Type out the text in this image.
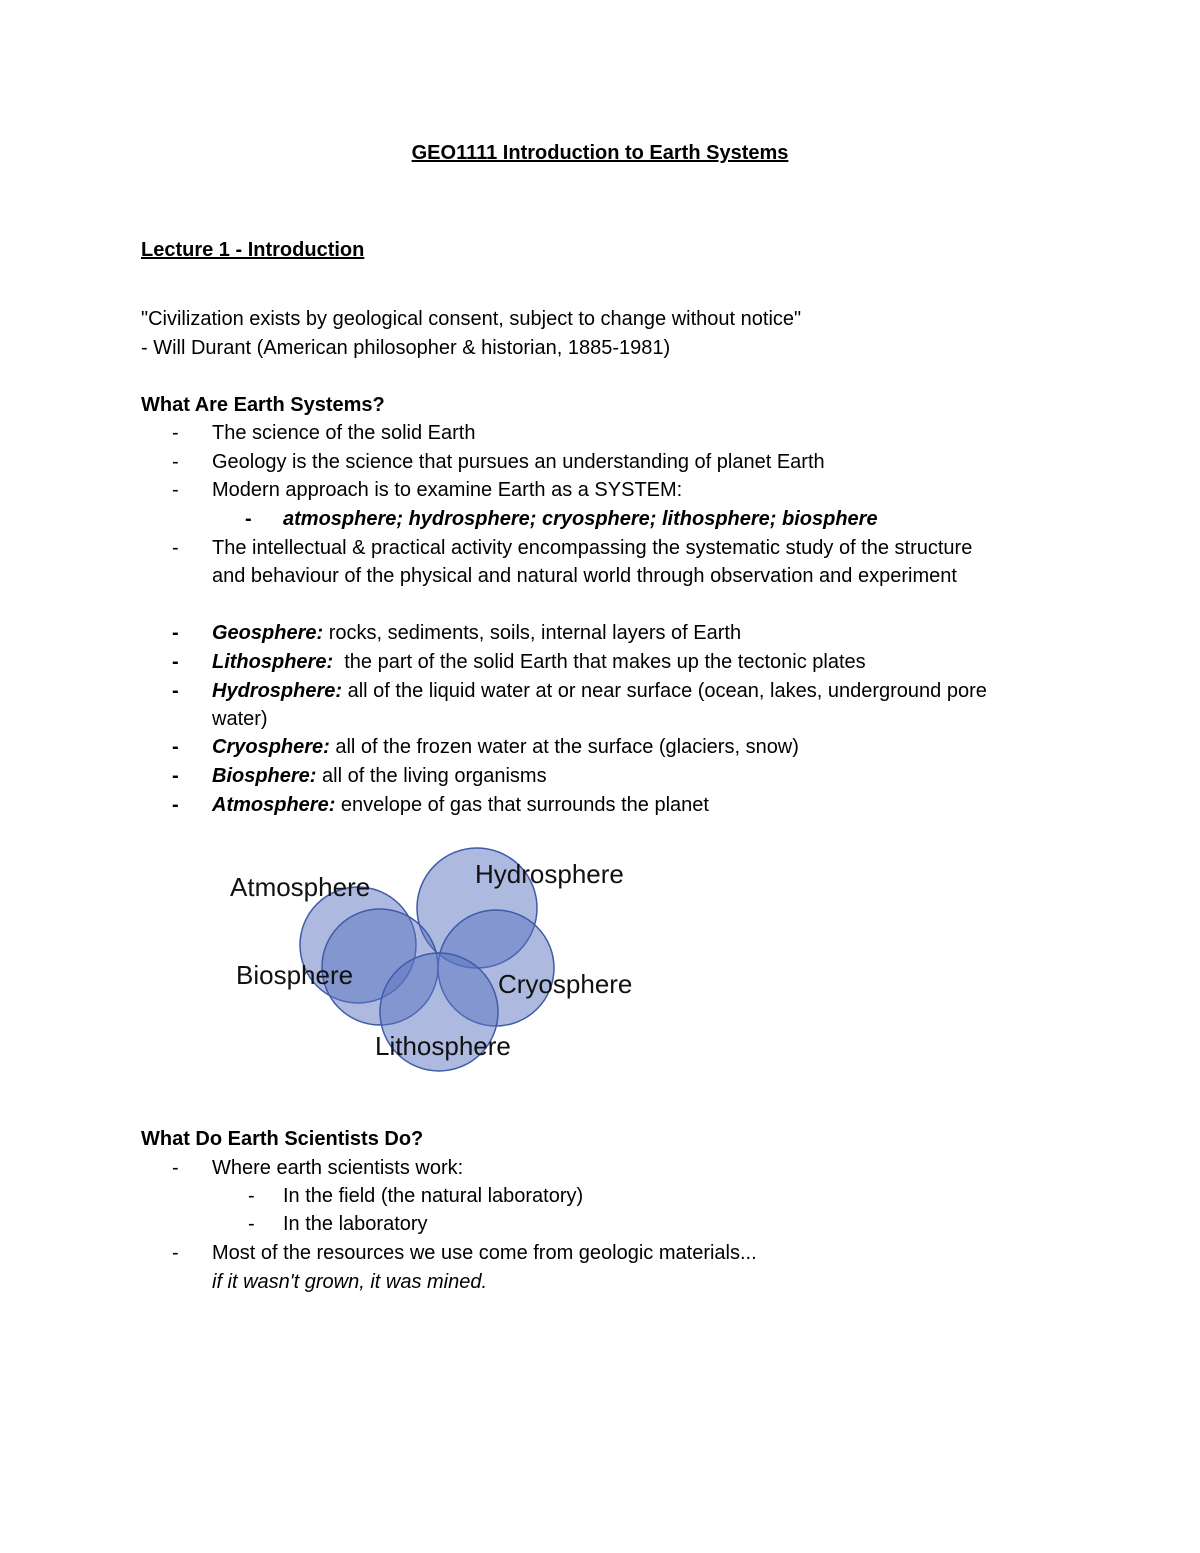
GEO1111 Introduction to Earth Systems
Lecture 1 - Introduction
"Civilization exists by geological consent, subject to change without notice"
- Will Durant (American philosopher & historian, 1885-1981)
What Are Earth Systems?
- The science of the solid Earth
- Geology is the science that pursues an understanding of planet Earth
- Modern approach is to examine Earth as a SYSTEM:
- atmosphere; hydrosphere; cryosphere; lithosphere; biosphere
- The intellectual & practical activity encompassing the systematic study of the structure
and behaviour of the physical and natural world through observation and experiment
- Geosphere: rocks, sediments, soils, internal layers of Earth
- Lithosphere:  the part of the solid Earth that makes up the tectonic plates
- Hydrosphere: all of the liquid water at or near surface (ocean, lakes, underground pore
water)
- Cryosphere: all of the frozen water at the surface (glaciers, snow)
- Biosphere: all of the living organisms
- Atmosphere: envelope of gas that surrounds the planet
Atmosphere	Hydrosphere
Biosphere	Cryosphere
Lithosphere
What Do Earth Scientists Do?
- Where earth scientists work:
- In the field (the natural laboratory)
- In the laboratory
- Most of the resources we use come from geologic materials...
if it wasn't grown, it was mined.
